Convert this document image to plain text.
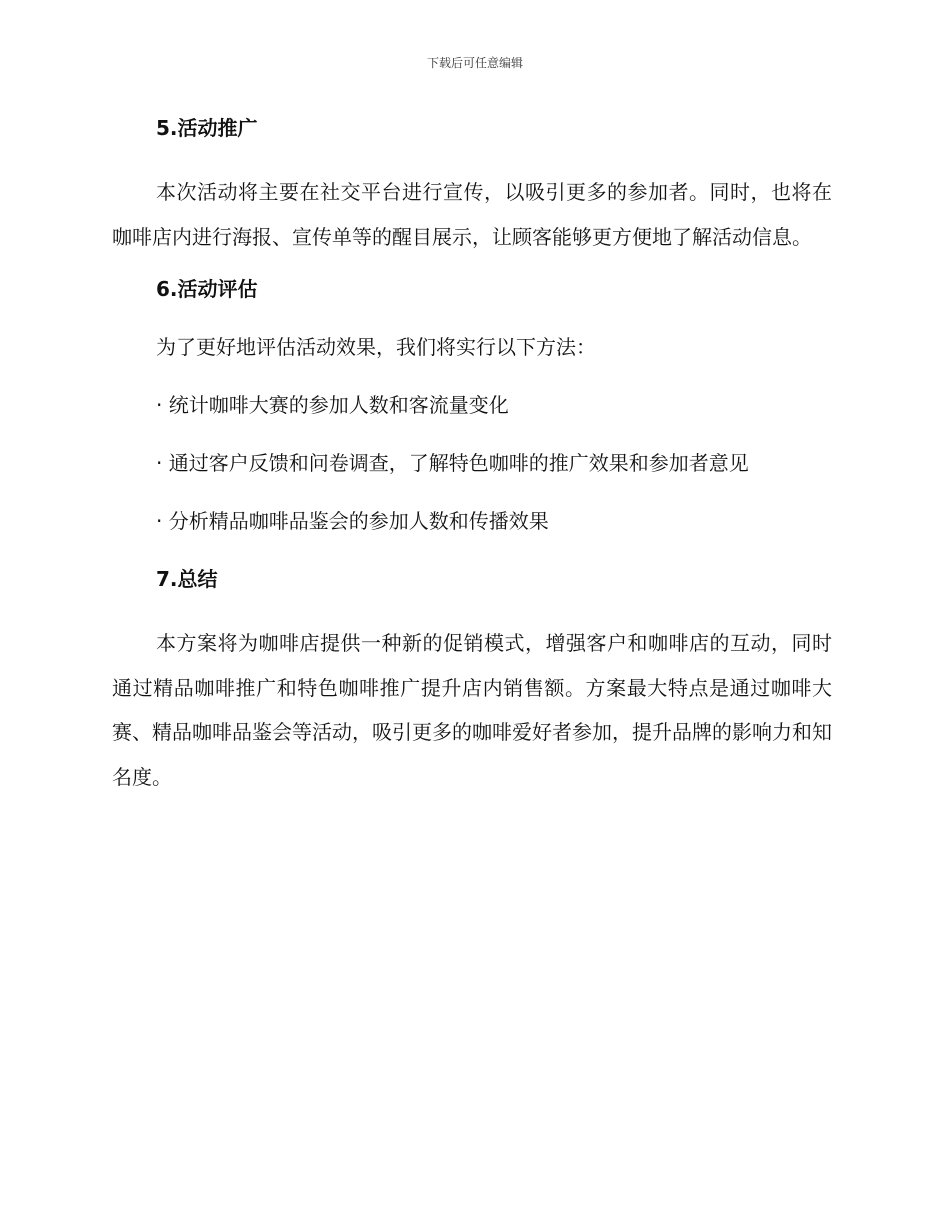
下载后可任意编辑
5.活动推广

本次活动将主要在社交平台进行宣传，以吸引更多的参加者。同时，也将在咖啡店内进行海报、宣传单等的醒目展示，让顾客能够更方便地了解活动信息。

6.活动评估

为了更好地评估活动效果，我们将实行以下方法：

· 统计咖啡大赛的参加人数和客流量变化

· 通过客户反馈和问卷调查，了解特色咖啡的推广效果和参加者意见

· 分析精品咖啡品鉴会的参加人数和传播效果

7.总结

本方案将为咖啡店提供一种新的促销模式，增强客户和咖啡店的互动，同时通过精品咖啡推广和特色咖啡推广提升店内销售额。方案最大特点是通过咖啡大赛、精品咖啡品鉴会等活动，吸引更多的咖啡爱好者参加，提升品牌的影响力和知名度。
